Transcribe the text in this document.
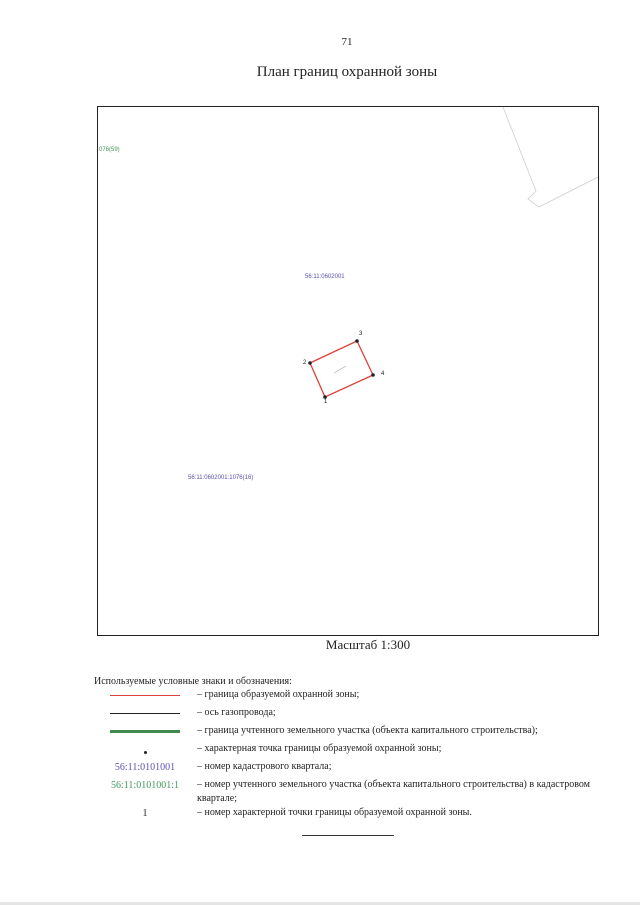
71
План границ охранной зоны
076(59)
56:11:0602001
56:11:0602001:1076(16)
1
2
3
4
Масштаб 1:300
Используемые условные знаки и обозначения:
– граница образуемой охранной зоны;
– ось газопровода;
– граница учтенного земельного участка (объекта капитального строительства);
– характерная точка границы образуемой охранной зоны;
56:11:0101001 – номер кадастрового квартала;
56:11:0101001:1 – номер учтенного земельного участка (объекта капитального строительства) в кадастровом квартале;
1	– номер характерной точки границы образуемой охранной зоны.
